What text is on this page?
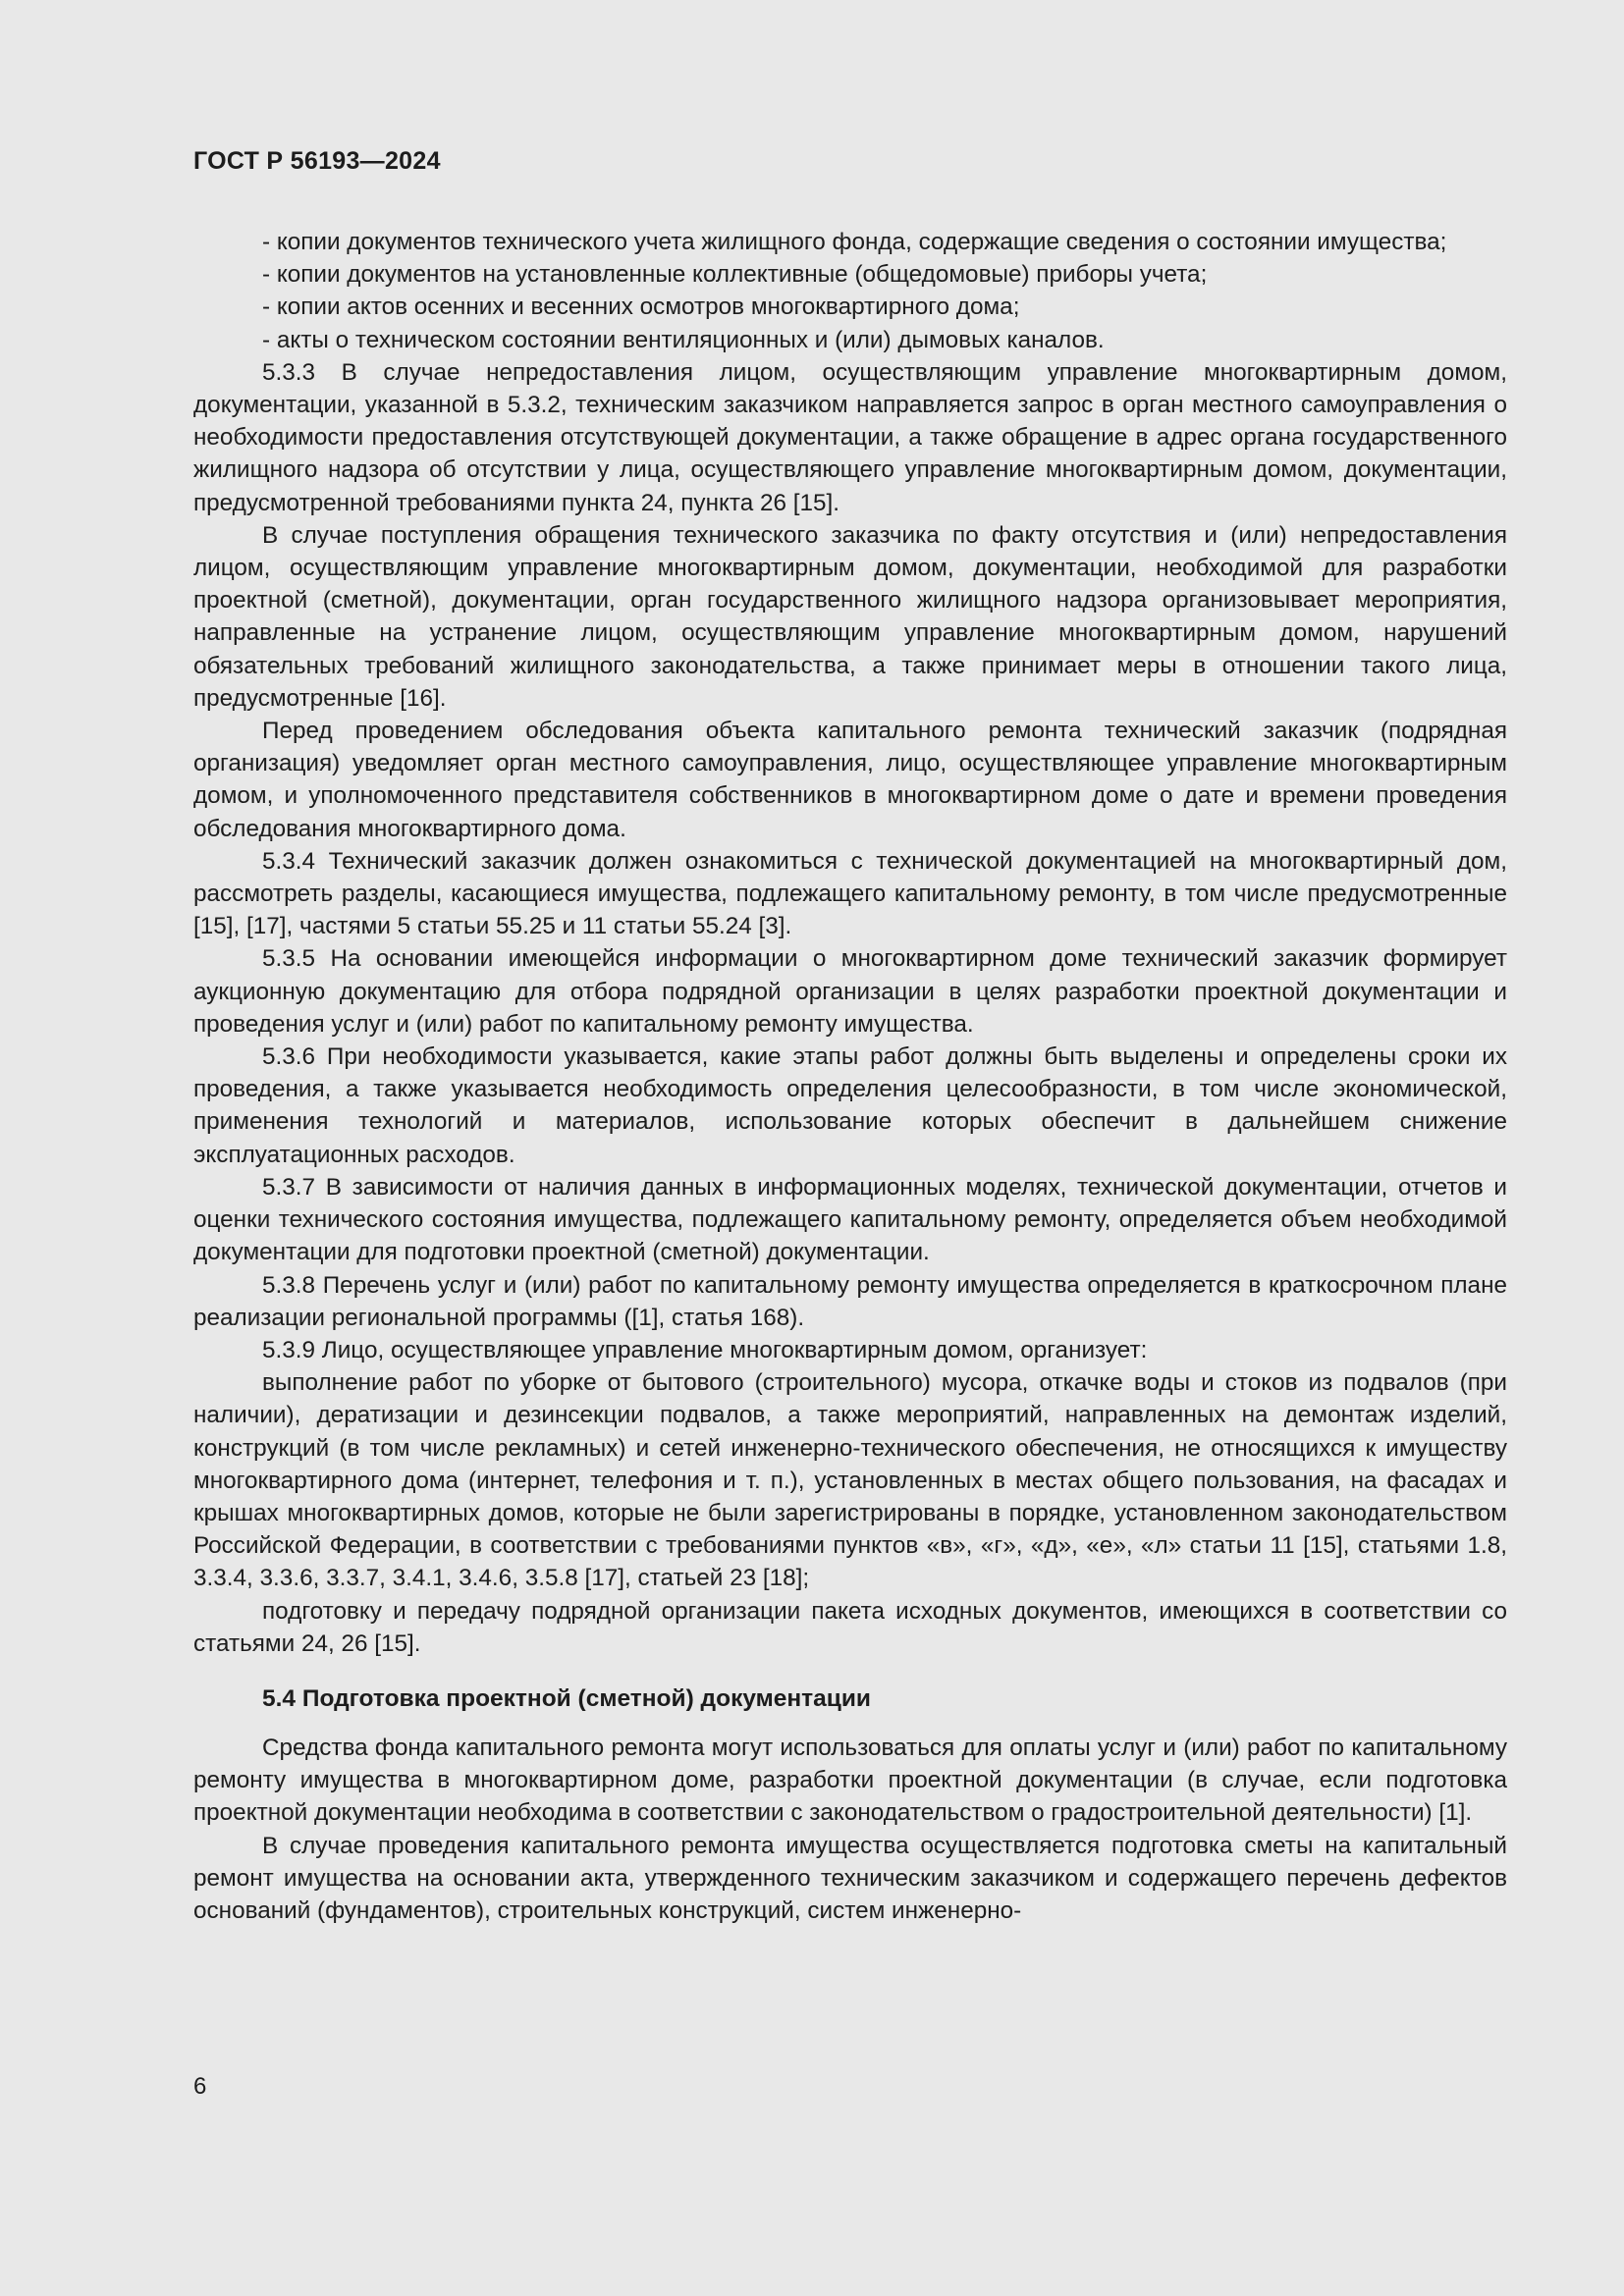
ГОСТ Р 56193—2024

- копии документов технического учета жилищного фонда, содержащие сведения о состоянии имущества;

- копии документов на установленные коллективные (общедомовые) приборы учета;

- копии актов осенних и весенних осмотров многоквартирного дома;

- акты о техническом состоянии вентиляционных и (или) дымовых каналов.

5.3.3 В случае непредоставления лицом, осуществляющим управление многоквартирным домом, документации, указанной в 5.3.2, техническим заказчиком направляется запрос в орган местного самоуправления о необходимости предоставления отсутствующей документации, а также обращение в адрес органа государственного жилищного надзора об отсутствии у лица, осуществляющего управление многоквартирным домом, документации, предусмотренной требованиями пункта 24, пункта 26 [15].

В случае поступления обращения технического заказчика по факту отсутствия и (или) непредоставления лицом, осуществляющим управление многоквартирным домом, документации, необходимой для разработки проектной (сметной), документации, орган государственного жилищного надзора организовывает мероприятия, направленные на устранение лицом, осуществляющим управление многоквартирным домом, нарушений обязательных требований жилищного законодательства, а также принимает меры в отношении такого лица, предусмотренные [16].

Перед проведением обследования объекта капитального ремонта технический заказчик (подрядная организация) уведомляет орган местного самоуправления, лицо, осуществляющее управление многоквартирным домом, и уполномоченного представителя собственников в многоквартирном доме о дате и времени проведения обследования многоквартирного дома.

5.3.4 Технический заказчик должен ознакомиться с технической документацией на многоквартирный дом, рассмотреть разделы, касающиеся имущества, подлежащего капитальному ремонту, в том числе предусмотренные [15], [17], частями 5 статьи 55.25 и 11 статьи 55.24 [3].

5.3.5 На основании имеющейся информации о многоквартирном доме технический заказчик формирует аукционную документацию для отбора подрядной организации в целях разработки проектной документации и проведения услуг и (или) работ по капитальному ремонту имущества.

5.3.6 При необходимости указывается, какие этапы работ должны быть выделены и определены сроки их проведения, а также указывается необходимость определения целесообразности, в том числе экономической, применения технологий и материалов, использование которых обеспечит в дальнейшем снижение эксплуатационных расходов.

5.3.7 В зависимости от наличия данных в информационных моделях, технической документации, отчетов и оценки технического состояния имущества, подлежащего капитальному ремонту, определяется объем необходимой документации для подготовки проектной (сметной) документации.

5.3.8 Перечень услуг и (или) работ по капитальному ремонту имущества определяется в краткосрочном плане реализации региональной программы ([1], статья 168).

5.3.9 Лицо, осуществляющее управление многоквартирным домом, организует:

выполнение работ по уборке от бытового (строительного) мусора, откачке воды и стоков из подвалов (при наличии), дератизации и дезинсекции подвалов, а также мероприятий, направленных на демонтаж изделий, конструкций (в том числе рекламных) и сетей инженерно-технического обеспечения, не относящихся к имуществу многоквартирного дома (интернет, телефония и т. п.), установленных в местах общего пользования, на фасадах и крышах многоквартирных домов, которые не были зарегистрированы в порядке, установленном законодательством Российской Федерации, в соответствии с требованиями пунктов «в», «г», «д», «е», «л» статьи 11 [15], статьями 1.8, 3.3.4, 3.3.6, 3.3.7, 3.4.1, 3.4.6, 3.5.8 [17], статьей 23 [18];

подготовку и передачу подрядной организации пакета исходных документов, имеющихся в соответствии со статьями 24, 26 [15].

5.4 Подготовка проектной (сметной) документации

Средства фонда капитального ремонта могут использоваться для оплаты услуг и (или) работ по капитальному ремонту имущества в многоквартирном доме, разработки проектной документации (в случае, если подготовка проектной документации необходима в соответствии с законодательством о градостроительной деятельности) [1].

В случае проведения капитального ремонта имущества осуществляется подготовка сметы на капитальный ремонт имущества на основании акта, утвержденного техническим заказчиком и содержащего перечень дефектов оснований (фундаментов), строительных конструкций, систем инженерно-

6
